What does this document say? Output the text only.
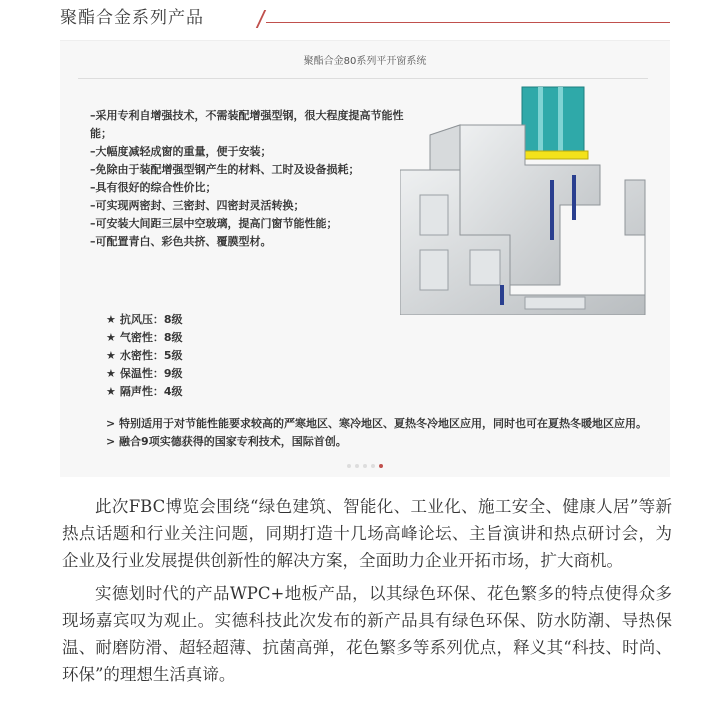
聚酯合金系列产品
聚酯合金80系列平开窗系统
–采用专利自增强技术，不需装配增强型钢，很大程度提高节能性能；
–大幅度减轻成窗的重量，便于安装；
–免除由于装配增强型钢产生的材料、工时及设备损耗；
–具有很好的综合性价比；
–可实现两密封、三密封、四密封灵活转换；
–可安装大间距三层中空玻璃，提高门窗节能性能；
–可配置青白、彩色共挤、覆膜型材。
★ 抗风压：8级
★ 气密性：8级
★ 水密性：5级
★ 保温性：9级
★ 隔声性：4级
> 特别适用于对节能性能要求较高的严寒地区、寒冷地区、夏热冬冷地区应用，同时也可在夏热冬暖地区应用。
> 融合9项实德获得的国家专利技术，国际首创。

此次FBC博览会围绕“绿色建筑、智能化、工业化、施工安全、健康人居”等新热点话题和行业关注问题，同期打造十几场高峰论坛、主旨演讲和热点研讨会，为企业及行业发展提供创新性的解决方案，全面助力企业开拓市场，扩大商机。

实德划时代的产品WPC+地板产品，以其绿色环保、花色繁多的特点使得众多现场嘉宾叹为观止。实德科技此次发布的新产品具有绿色环保、防水防潮、导热保温、耐磨防滑、超轻超薄、抗菌高弹，花色繁多等系列优点，释义其“科技、时尚、环保”的理想生活真谛。
